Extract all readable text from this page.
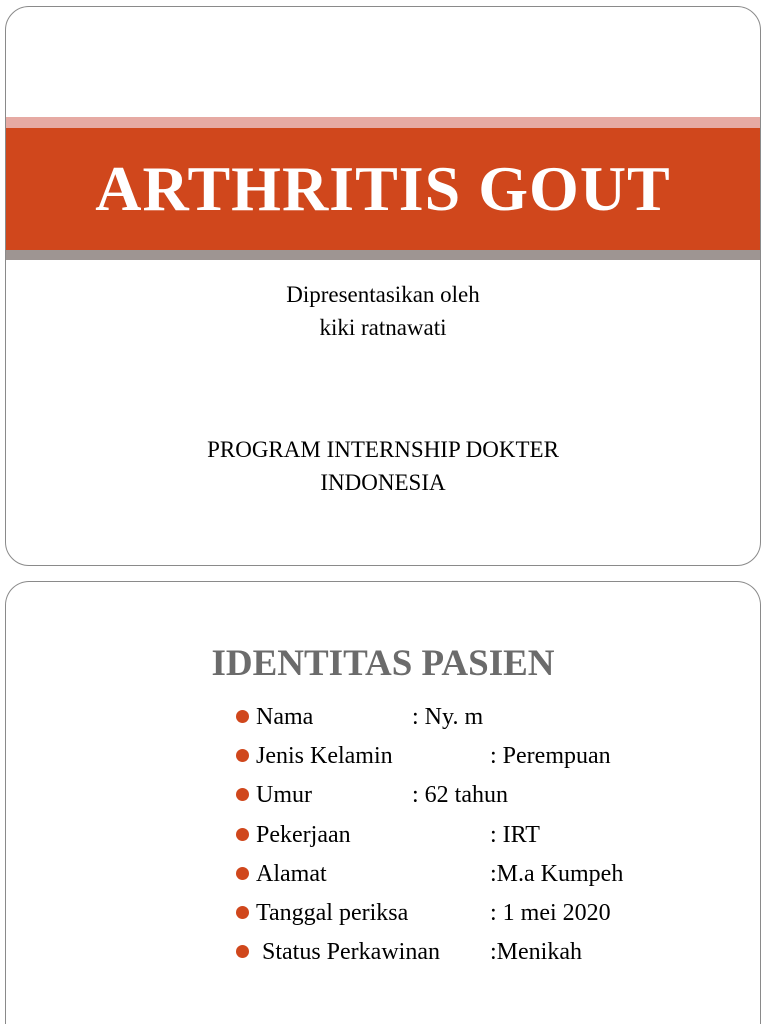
ARTHRITIS GOUT
Dipresentasikan oleh
kiki ratnawati
PROGRAM INTERNSHIP DOKTER
INDONESIA
IDENTITAS PASIEN
Nama	: Ny. m
Jenis Kelamin	: Perempuan
Umur	: 62 tahun
Pekerjaan	: IRT
Alamat	:M.a Kumpeh
Tanggal periksa	: 1 mei 2020
Status Perkawinan :Menikah
